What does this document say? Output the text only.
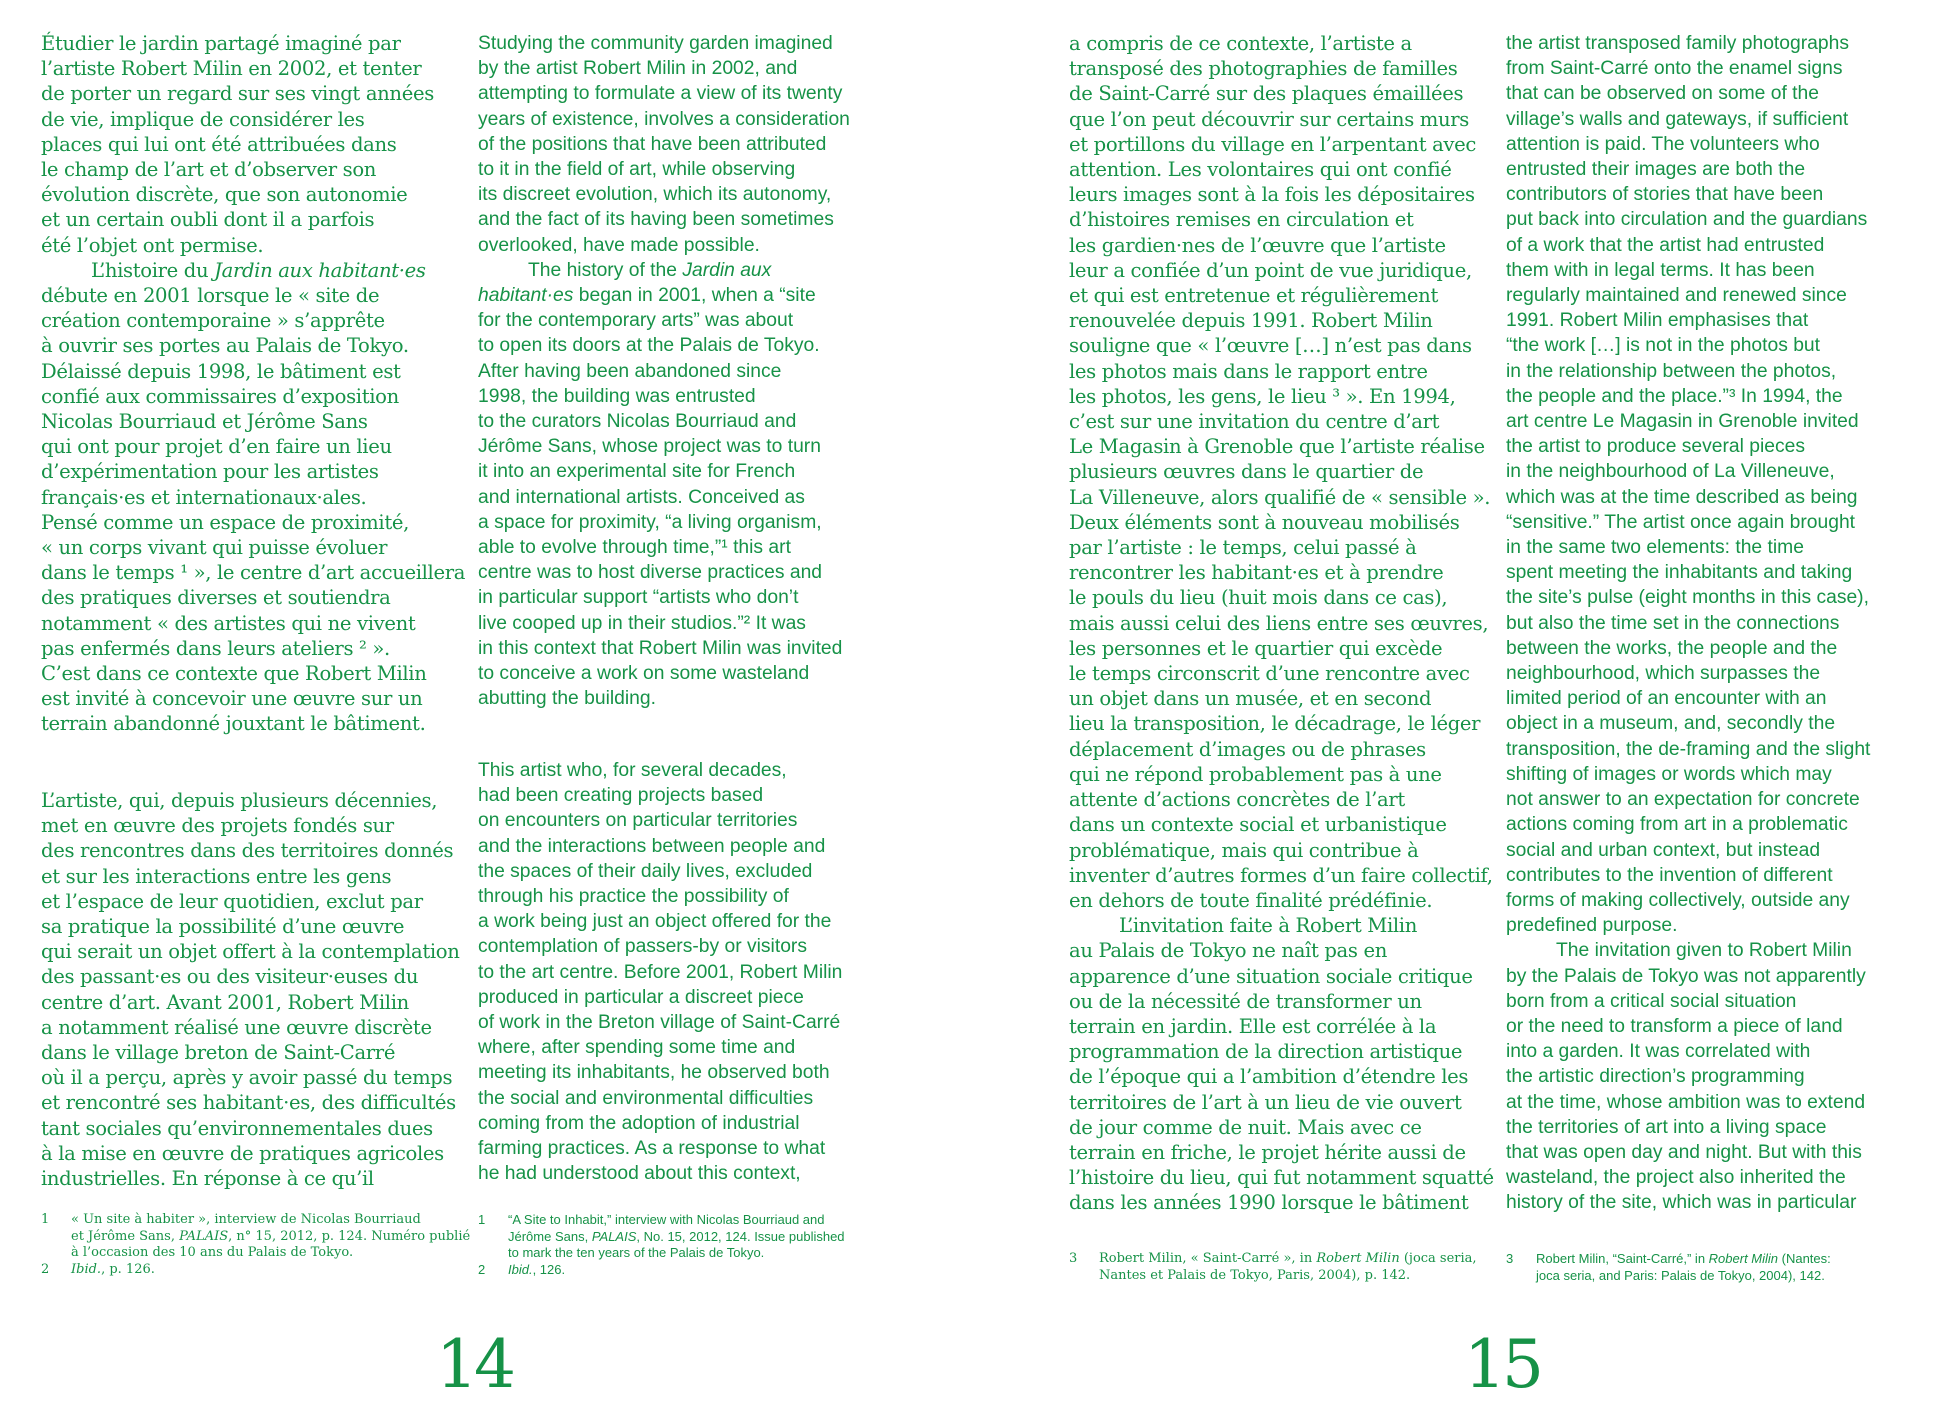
Étudier le jardin partagé imaginé par
l’artiste Robert Milin en 2002, et tenter
de porter un regard sur ses vingt années
de vie, implique de considérer les
places qui lui ont été attribuées dans
le champ de l’art et d’observer son
évolution discrète, que son autonomie
et un certain oubli dont il a parfois
été l’objet ont permise.

L’histoire du Jardin aux habitant·es
débute en 2001 lorsque le « site de
création contemporaine » s’apprête
à ouvrir ses portes au Palais de Tokyo.
Délaissé depuis 1998, le bâtiment est
confié aux commissaires d’exposition
Nicolas Bourriaud et Jérôme Sans
qui ont pour projet d’en faire un lieu
d’expérimentation pour les artistes
français·es et internationaux·ales.
Pensé comme un espace de proximité,
« un corps vivant qui puisse évoluer
dans le temps ¹ », le centre d’art accueillera
des pratiques diverses et soutiendra
notamment « des artistes qui ne vivent
pas enfermés dans leurs ateliers ² ».
C’est dans ce contexte que Robert Milin
est invité à concevoir une œuvre sur un
terrain abandonné jouxtant le bâtiment.

L’artiste, qui, depuis plusieurs décennies,
met en œuvre des projets fondés sur
des rencontres dans des territoires donnés
et sur les interactions entre les gens
et l’espace de leur quotidien, exclut par
sa pratique la possibilité d’une œuvre
qui serait un objet offert à la contemplation
des passant·es ou des visiteur·euses du
centre d’art. Avant 2001, Robert Milin
a notamment réalisé une œuvre discrète
dans le village breton de Saint-Carré
où il a perçu, après y avoir passé du temps
et rencontré ses habitant·es, des difficultés
tant sociales qu’environnementales dues
à la mise en œuvre de pratiques agricoles
industrielles. En réponse à ce qu’il

1 « Un site à habiter », interview de Nicolas Bourriaud
et Jérôme Sans, PALAIS, n° 15, 2012, p. 124. Numéro publié
à l’occasion des 10 ans du Palais de Tokyo.

2 Ibid., p. 126.

Studying the community garden imagined
by the artist Robert Milin in 2002, and
attempting to formulate a view of its twenty
years of existence, involves a consideration
of the positions that have been attributed
to it in the field of art, while observing
its discreet evolution, which its autonomy,
and the fact of its having been sometimes
overlooked, have made possible.

The history of the Jardin aux
habitant·es began in 2001, when a “site
for the contemporary arts” was about
to open its doors at the Palais de Tokyo.
After having been abandoned since
1998, the building was entrusted
to the curators Nicolas Bourriaud and
Jérôme Sans, whose project was to turn
it into an experimental site for French
and international artists. Conceived as
a space for proximity, “a living organism,
able to evolve through time,”¹ this art
centre was to host diverse practices and
in particular support “artists who don’t
live cooped up in their studios.”² It was
in this context that Robert Milin was invited
to conceive a work on some wasteland
abutting the building.

This artist who, for several decades,
had been creating projects based
on encounters on particular territories
and the interactions between people and
the spaces of their daily lives, excluded
through his practice the possibility of
a work being just an object offered for the
contemplation of passers-by or visitors
to the art centre. Before 2001, Robert Milin
produced in particular a discreet piece
of work in the Breton village of Saint-Carré
where, after spending some time and
meeting its inhabitants, he observed both
the social and environmental difficulties
coming from the adoption of industrial
farming practices. As a response to what
he had understood about this context,

1 “A Site to Inhabit,” interview with Nicolas Bourriaud and
Jérôme Sans, PALAIS, No. 15, 2012, 124. Issue published
to mark the ten years of the Palais de Tokyo.

2 Ibid., 126.

14

a compris de ce contexte, l’artiste a
transposé des photographies de familles
de Saint-Carré sur des plaques émaillées
que l’on peut découvrir sur certains murs
et portillons du village en l’arpentant avec
attention. Les volontaires qui ont confié
leurs images sont à la fois les dépositaires
d’histoires remises en circulation et
les gardien·nes de l’œuvre que l’artiste
leur a confiée d’un point de vue juridique,
et qui est entretenue et régulièrement
renouvelée depuis 1991. Robert Milin
souligne que « l’œuvre […] n’est pas dans
les photos mais dans le rapport entre
les photos, les gens, le lieu ³ ». En 1994,
c’est sur une invitation du centre d’art
Le Magasin à Grenoble que l’artiste réalise
plusieurs œuvres dans le quartier de
La Villeneuve, alors qualifié de « sensible ».
Deux éléments sont à nouveau mobilisés
par l’artiste : le temps, celui passé à
rencontrer les habitant·es et à prendre
le pouls du lieu (huit mois dans ce cas),
mais aussi celui des liens entre ses œuvres,
les personnes et le quartier qui excède
le temps circonscrit d’une rencontre avec
un objet dans un musée, et en second
lieu la transposition, le décadrage, le léger
déplacement d’images ou de phrases
qui ne répond probablement pas à une
attente d’actions concrètes de l’art
dans un contexte social et urbanistique
problématique, mais qui contribue à
inventer d’autres formes d’un faire collectif,
en dehors de toute finalité prédéfinie.

L’invitation faite à Robert Milin
au Palais de Tokyo ne naît pas en
apparence d’une situation sociale critique
ou de la nécessité de transformer un
terrain en jardin. Elle est corrélée à la
programmation de la direction artistique
de l’époque qui a l’ambition d’étendre les
territoires de l’art à un lieu de vie ouvert
de jour comme de nuit. Mais avec ce
terrain en friche, le projet hérite aussi de
l’histoire du lieu, qui fut notamment squatté
dans les années 1990 lorsque le bâtiment

3 Robert Milin, « Saint-Carré », in Robert Milin (joca seria,
Nantes et Palais de Tokyo, Paris, 2004), p. 142.

the artist transposed family photographs
from Saint-Carré onto the enamel signs
that can be observed on some of the
village’s walls and gateways, if sufficient
attention is paid. The volunteers who
entrusted their images are both the
contributors of stories that have been
put back into circulation and the guardians
of a work that the artist had entrusted
them with in legal terms. It has been
regularly maintained and renewed since
1991. Robert Milin emphasises that
“the work […] is not in the photos but
in the relationship between the photos,
the people and the place.”³ In 1994, the
art centre Le Magasin in Grenoble invited
the artist to produce several pieces
in the neighbourhood of La Villeneuve,
which was at the time described as being
“sensitive.” The artist once again brought
in the same two elements: the time
spent meeting the inhabitants and taking
the site’s pulse (eight months in this case),
but also the time set in the connections
between the works, the people and the
neighbourhood, which surpasses the
limited period of an encounter with an
object in a museum, and, secondly the
transposition, the de-framing and the slight
shifting of images or words which may
not answer to an expectation for concrete
actions coming from art in a problematic
social and urban context, but instead
contributes to the invention of different
forms of making collectively, outside any
predefined purpose.

The invitation given to Robert Milin
by the Palais de Tokyo was not apparently
born from a critical social situation
or the need to transform a piece of land
into a garden. It was correlated with
the artistic direction’s programming
at the time, whose ambition was to extend
the territories of art into a living space
that was open day and night. But with this
wasteland, the project also inherited the
history of the site, which was in particular

3 Robert Milin, “Saint-Carré,” in Robert Milin (Nantes:
joca seria, and Paris: Palais de Tokyo, 2004), 142.

15
